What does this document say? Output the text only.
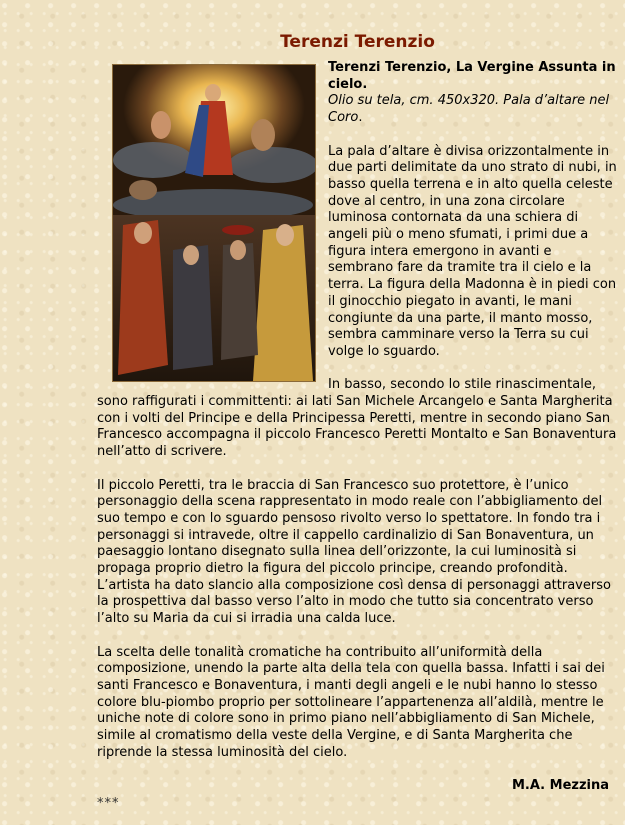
Terenzi Terenzio
Terenzi Terenzio, La Vergine Assunta in cielo.

Olio su tela, cm. 450x320. Pala d’altare nel Coro.

La pala d’altare è divisa orizzontalmente in due parti delimitate da uno strato di nubi, in basso quella terrena e in alto quella celeste dove al centro, in una zona circolare luminosa contornata da una schiera di angeli più o meno sfumati, i primi due a figura intera emergono in avanti e sembrano fare da tramite tra il cielo e la terra. La figura della Madonna è in piedi con il ginocchio piegato in avanti, le mani congiunte da una parte, il manto mosso, sembra camminare verso la Terra su cui volge lo sguardo.

In basso, secondo lo stile rinascimentale, sono raffigurati i committenti: ai lati San Michele Arcangelo e Santa Margherita con i volti del Principe e della Principessa Peretti, mentre in secondo piano San Francesco accompagna il piccolo Francesco Peretti Montalto e San Bonaventura nell’atto di scrivere.

Il piccolo Peretti, tra le braccia di San Francesco suo protettore, è l’unico personaggio della scena rappresentato in modo reale con l’abbigliamento del suo tempo e con lo sguardo pensoso rivolto verso lo spettatore. In fondo tra i personaggi si intravede, oltre il cappello cardinalizio di San Bonaventura, un paesaggio lontano disegnato sulla linea dell’orizzonte, la cui luminosità si propaga proprio dietro la figura del piccolo principe, creando profondità. L’artista ha dato slancio alla composizione così densa di personaggi attraverso la prospettiva dal basso verso l’alto in modo che tutto sia concentrato verso l’alto su Maria da cui si irradia una calda luce.

La scelta delle tonalità cromatiche ha contribuito all’uniformità della composizione, unendo la parte alta della tela con quella bassa. Infatti i sai dei santi Francesco e Bonaventura, i manti degli angeli e le nubi hanno lo stesso colore blu-piombo proprio per sottolineare l’appartenenza all’aldilà, mentre le uniche note di colore sono in primo piano nell’abbigliamento di San Michele, simile al cromatismo della veste della Vergine, e di Santa Margherita che riprende la stessa luminosità del cielo.

M.A. Mezzina
***
